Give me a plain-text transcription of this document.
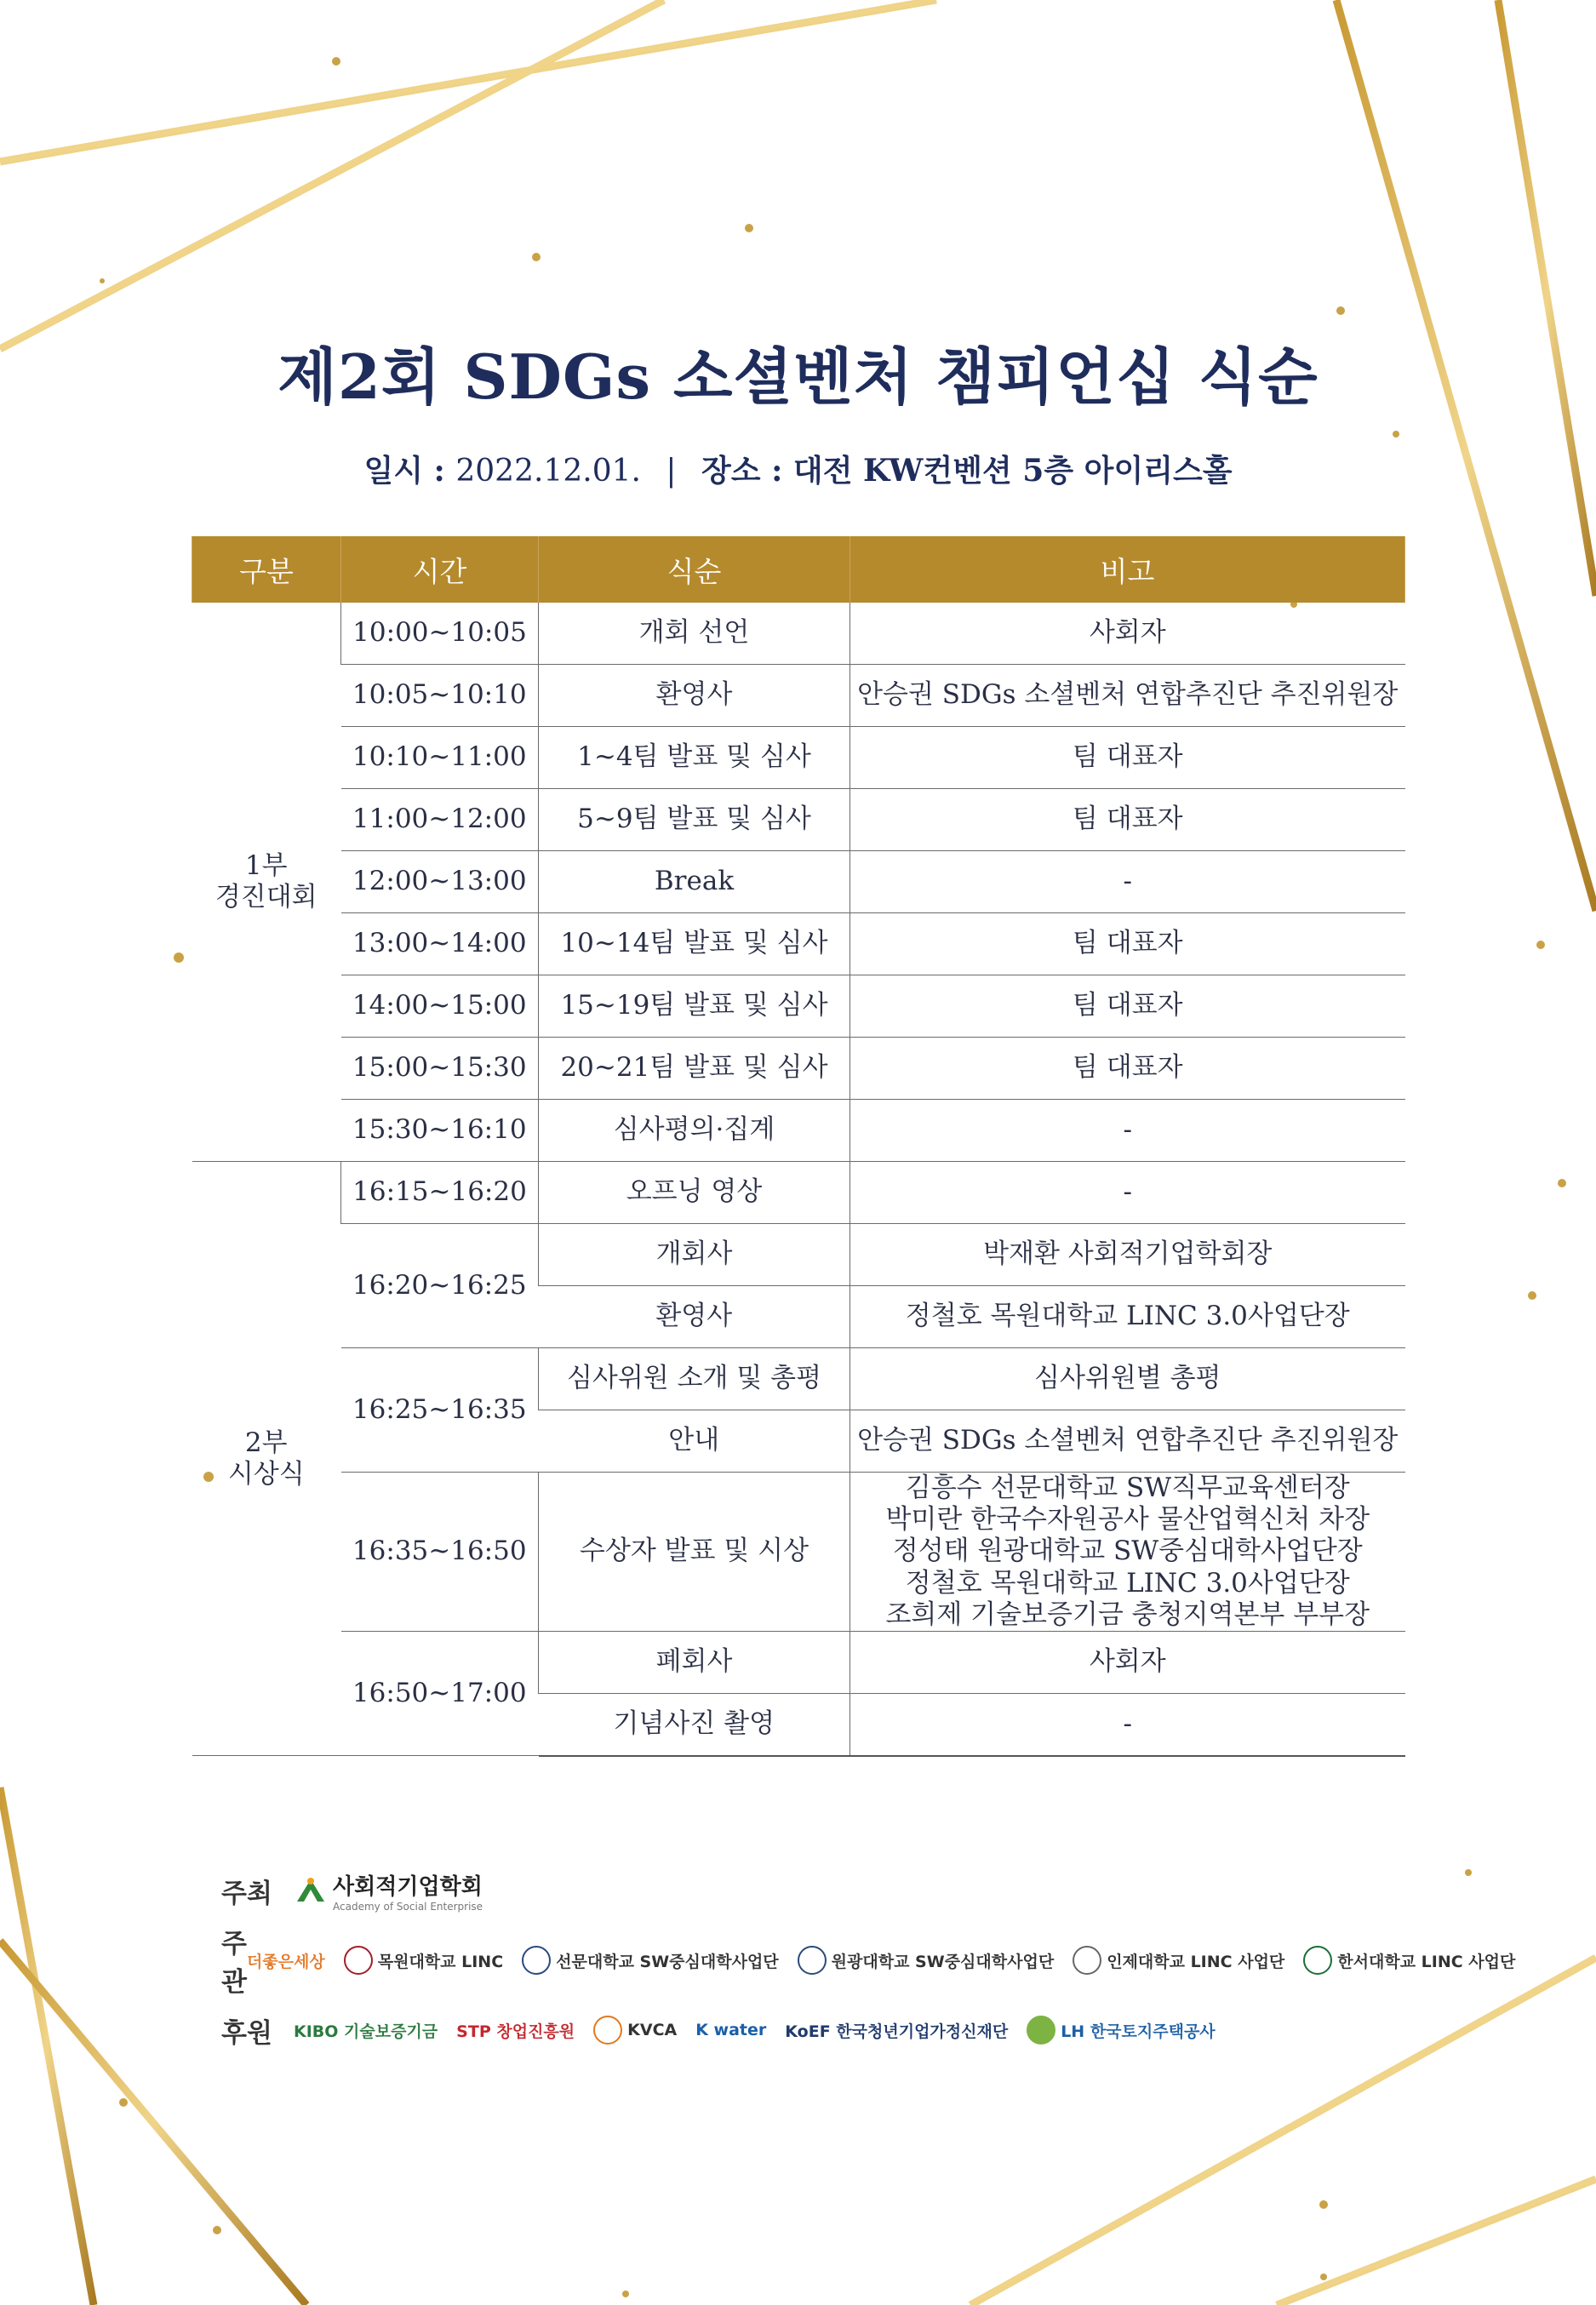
제2회 SDGs 소셜벤처 챔피언십 식순
일시 : 2022.12.01. | 장소 : 대전 KW컨벤션 5층 아이리스홀
구분	시간	식순	비고

1부
경진대회	10:00~10:05	개회 선언	사회자
	10:05~10:10	환영사	안승권 SDGs 소셜벤처 연합추진단 추진위원장
	10:10~11:00	1~4팀 발표 및 심사	팀 대표자
	11:00~12:00	5~9팀 발표 및 심사	팀 대표자
	12:00~13:00	Break	-
	13:00~14:00	10~14팀 발표 및 심사	팀 대표자
	14:00~15:00	15~19팀 발표 및 심사	팀 대표자
	15:00~15:30	20~21팀 발표 및 심사	팀 대표자
	15:30~16:10	심사평의·집계	-

2부
시상식	16:15~16:20	오프닝 영상	-
	16:20~16:25	개회사	박재환 사회적기업학회장
		환영사	정철호 목원대학교 LINC 3.0사업단장
	16:25~16:35	심사위원 소개 및 총평	심사위원별 총평
		안내	안승권 SDGs 소셜벤처 연합추진단 추진위원장
	16:35~16:50	수상자 발표 및 시상	김흥수 선문대학교 SW직무교육센터장
박미란 한국수자원공사 물산업혁신처 차장
정성태 원광대학교 SW중심대학사업단장
정철호 목원대학교 LINC 3.0사업단장
조희제 기술보증기금 충청지역본부 부부장

	16:50~17:00	폐회사	사회자
		기념사진 촬영	-
주최	사회적기업학회
Academy of Social Enterprise
주관
더좋은세상	목원대학교 LINC	선문대학교 SW중심대학사업단	원광대학교 SW중심대학사업단	인제대학교 LINC 사업단	한서대학교 LINC 사업단
후원	KIBO 기술보증기금 STP 창업진흥원	KVCA K water KoEF 한국청년기업가정신재단	LH 한국토지주택공사
